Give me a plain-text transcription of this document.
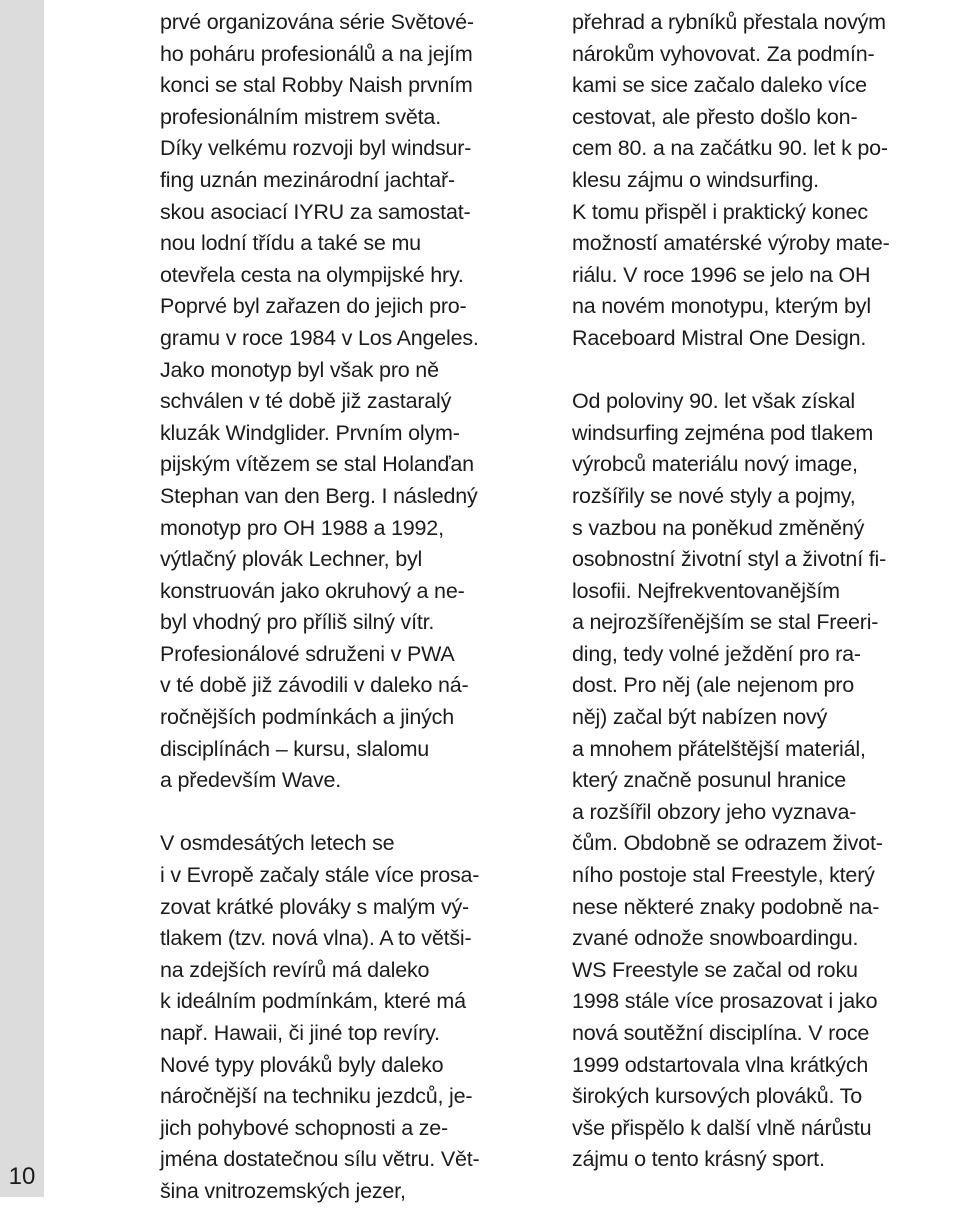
10
prvé organizována série Světové-
ho poháru profesionálů a na jejím
konci se stal Robby Naish prvním
profesionálním mistrem světa.
Díky velkému rozvoji byl windsur-
fing uznán mezinárodní jachtař-
skou asociací IYRU za samostat-
nou lodní třídu a také se mu
otevřela cesta na olympijské hry.
Poprvé byl zařazen do jejich pro-
gramu v roce 1984 v Los Angeles.
Jako monotyp byl však pro ně
schválen v té době již zastaralý
kluzák Windglider. Prvním olym-
pijským vítězem se stal Holanďan
Stephan van den Berg. I následný
monotyp pro OH 1988 a 1992,
výtlačný plovák Lechner, byl
konstruován jako okruhový a ne-
byl vhodný pro příliš silný vítr.
Profesionálové sdruženi v PWA
v té době již závodili v daleko ná-
ročnějších podmínkách a jiných
disciplínách – kursu, slalomu
a především Wave.
V osmdesátých letech se
i v Evropě začaly stále více prosa-
zovat krátké plováky s malým vý-
tlakem (tzv. nová vlna). A to větši-
na zdejších revírů má daleko
k ideálním podmínkám, které má
např. Hawaii, či jiné top revíry.
Nové typy plováků byly daleko
náročnější na techniku jezdců, je-
jich pohybové schopnosti a ze-
jména dostatečnou sílu větru. Vět-
šina vnitrozemských jezer,
přehrad a rybníků přestala novým
nárokům vyhovovat. Za podmín-
kami se sice začalo daleko více
cestovat, ale přesto došlo kon-
cem 80. a na začátku 90. let k po-
klesu zájmu o windsurfing.
K tomu přispěl i praktický konec
možností amatérské výroby mate-
riálu. V roce 1996 se jelo na OH
na novém monotypu, kterým byl
Raceboard Mistral One Design.
Od poloviny 90. let však získal
windsurfing zejména pod tlakem
výrobců materiálu nový image,
rozšířily se nové styly a pojmy,
s vazbou na poněkud změněný
osobnostní životní styl a životní fi-
losofii. Nejfrekventovanějším
a nejrozšířenějším se stal Freeri-
ding, tedy volné ježdění pro ra-
dost. Pro něj (ale nejenom pro
něj) začal být nabízen nový
a mnohem přátelštější materiál,
který značně posunul hranice
a rozšířil obzory jeho vyznava-
čům. Obdobně se odrazem život-
ního postoje stal Freestyle, který
nese některé znaky podobně na-
zvané odnože snowboardingu.
WS Freestyle se začal od roku
1998 stále více prosazovat i jako
nová soutěžní disciplína. V roce
1999 odstartovala vlna krátkých
širokých kursových plováků. To
vše přispělo k další vlně nárůstu
zájmu o tento krásný sport.
